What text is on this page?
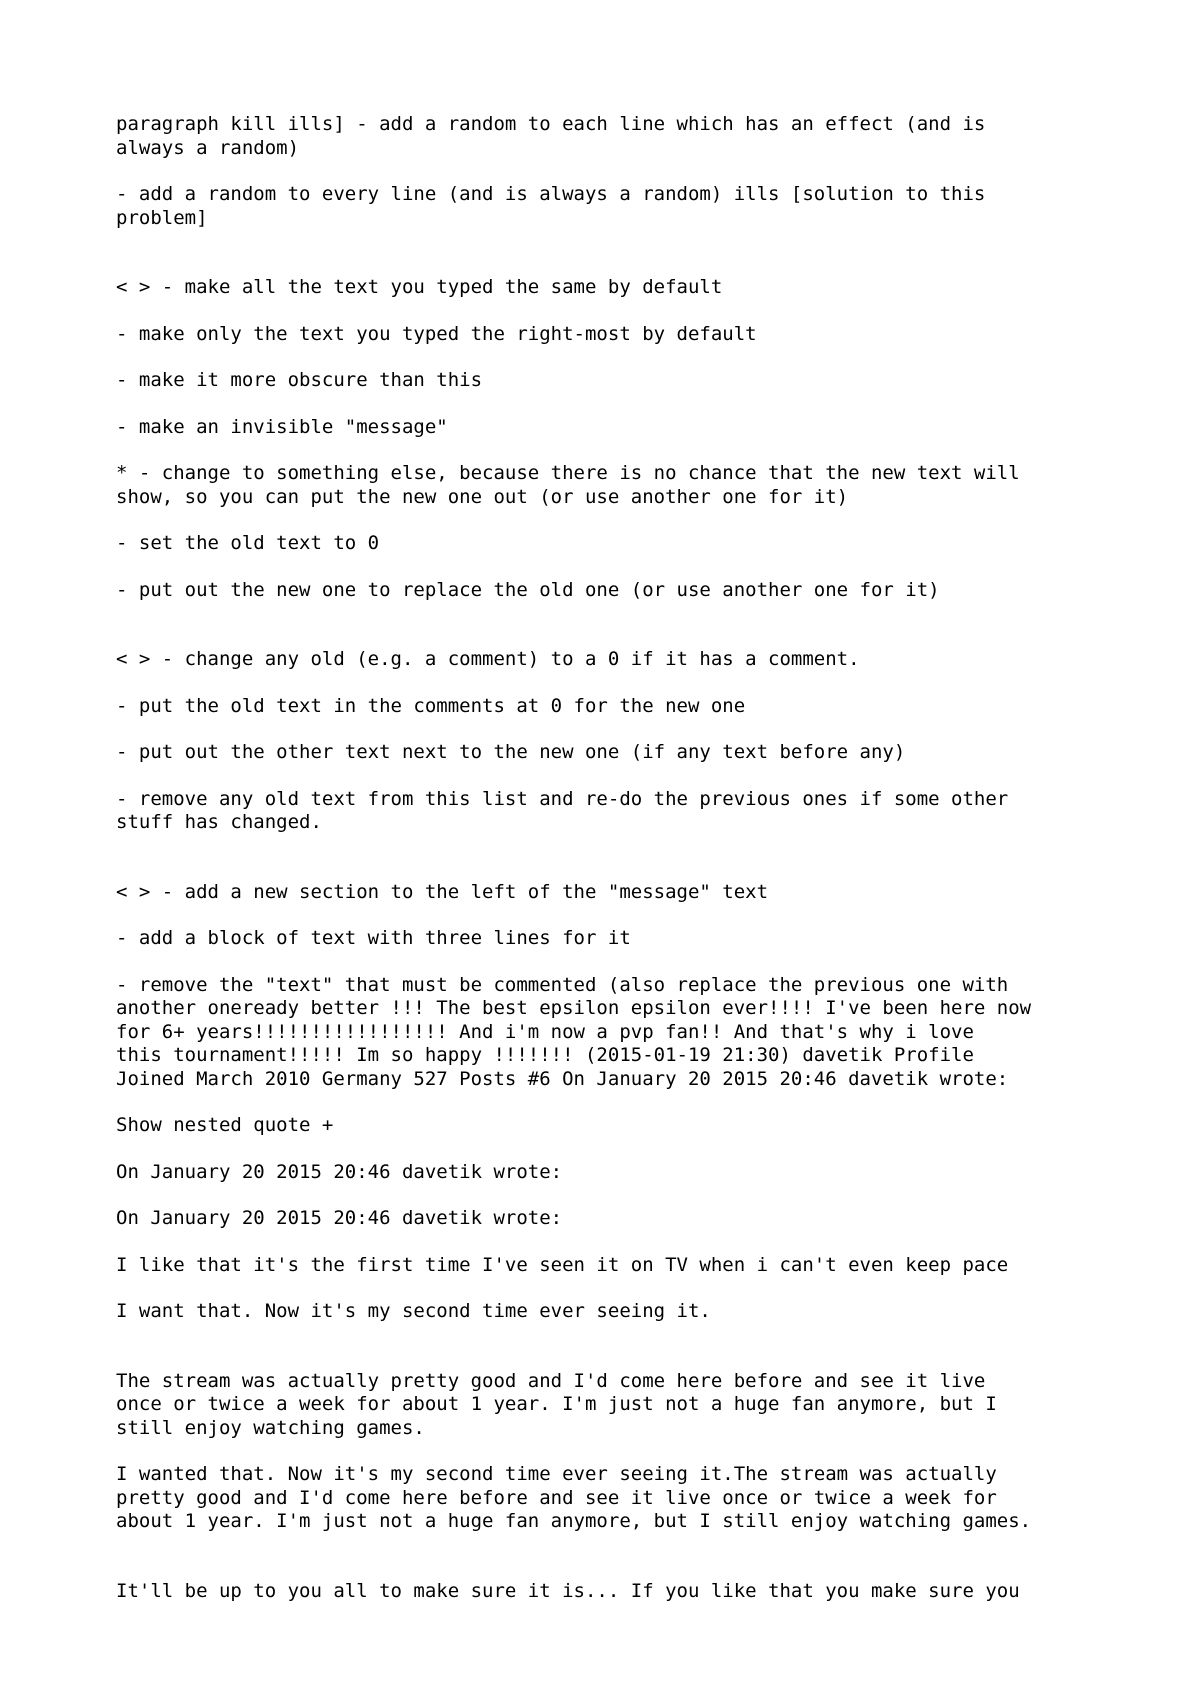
paragraph kill ills] - add a random to each line which has an effect (and is
always a random)

- add a random to every line (and is always a random) ills [solution to this
problem]

< > - make all the text you typed the same by default

- make only the text you typed the right-most by default

- make it more obscure than this

- make an invisible "message"

* - change to something else, because there is no chance that the new text will
show, so you can put the new one out (or use another one for it)

- set the old text to 0

- put out the new one to replace the old one (or use another one for it)

< > - change any old (e.g. a comment) to a 0 if it has a comment.

- put the old text in the comments at 0 for the new one

- put out the other text next to the new one (if any text before any)

- remove any old text from this list and re-do the previous ones if some other
stuff has changed.

< > - add a new section to the left of the "message" text

- add a block of text with three lines for it

- remove the "text" that must be commented (also replace the previous one with
another oneready better !!! The best epsilon epsilon ever!!!! I've been here now
for 6+ years!!!!!!!!!!!!!!!!! And i'm now a pvp fan!! And that's why i love
this tournament!!!!! Im so happy !!!!!!! (2015-01-19 21:30) davetik Profile
Joined March 2010 Germany 527 Posts #6 On January 20 2015 20:46 davetik wrote:

Show nested quote +

On January 20 2015 20:46 davetik wrote:

On January 20 2015 20:46 davetik wrote:

I like that it's the first time I've seen it on TV when i can't even keep pace

I want that. Now it's my second time ever seeing it.

The stream was actually pretty good and I'd come here before and see it live
once or twice a week for about 1 year. I'm just not a huge fan anymore, but I
still enjoy watching games.

I wanted that. Now it's my second time ever seeing it.The stream was actually
pretty good and I'd come here before and see it live once or twice a week for
about 1 year. I'm just not a huge fan anymore, but I still enjoy watching games.

It'll be up to you all to make sure it is... If you like that you make sure you
